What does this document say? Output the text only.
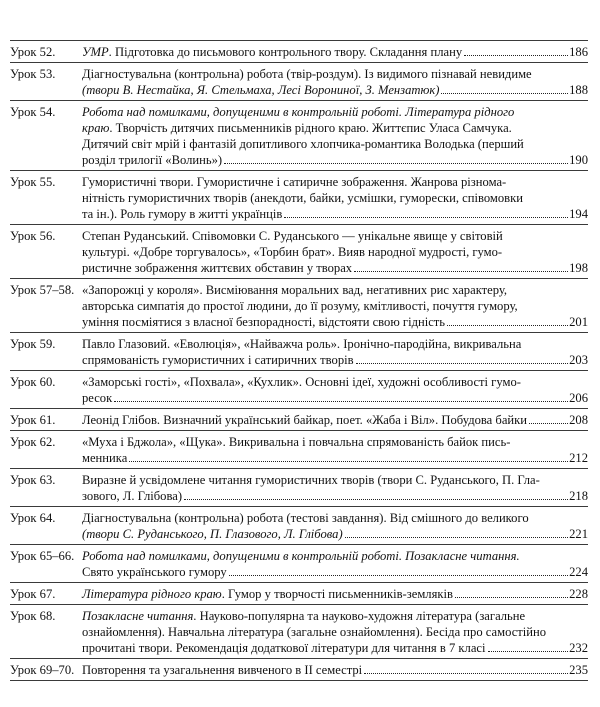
Урок 52.	УМР . Підготовка до письмового контрольного твору. Складання плану	186
Урок 53.	Діагностувальна (контрольна) робота (твір-роздум). Із видимого пізнавай невидиме
(твори В. Нестайка, Я. Стельмаха, Лесі Ворониної, З. Мензатюк)	188
Урок 54.	Робота над помилками, допущеними в контрольній роботі. Література рідного
краю . Творчість дитячих письменників рідного краю. Життєпис Уласа Самчука.
Дитячий світ мрій і фантазій допитливого хлопчика-романтика Володька (перший
розділ трилогії «Волинь»)	190
Урок 55.	Гумористичні твори. Гумористичне і сатиричне зображення. Жанрова різнома-
нітність гумористичних творів (анекдоти, байки, усмішки, гуморески, співомовки
та ін.). Роль гумору в житті українців	194
Урок 56.	Степан Руданський. Співомовки С. Руданського — унікальне явище у світовій
культурі. «Добре торгувалось», «Торбин брат». Вияв народної мудрості, гумо-
ристичне зображення життєвих обставин у творах	198
Урок 57–58. «Запорожці у короля». Висміювання моральних вад, негативних рис характеру,
авторська симпатія до простої людини, до її розуму, кмітливості, почуття гумору,
уміння посміятися з власної безпорадності, відстояти свою гідність	201
Урок 59.	Павло Глазовий. «Еволюція», «Найважча роль». Іронічно-пародійна, викривальна
спрямованість гумористичних і сатиричних творів	203
Урок 60.	«Заморські гості», «Похвала», «Кухлик». Основні ідеї, художні особливості гумо-
ресок	206
Урок 61.	Леонід Глібов. Визначний український байкар, поет. «Жаба і Віл». Побудова байки	208
Урок 62.	«Муха і Бджола», «Щука». Викривальна і повчальна спрямованість байок пись-
менника	212
Урок 63.	Виразне й усвідомлене читання гумористичних творів (твори С. Руданського, П. Гла-
зового, Л. Глібова)	218
Урок 64.	Діагностувальна (контрольна) робота (тестові завдання). Від смішного до великого
(твори С. Руданського, П. Глазового, Л. Глібова)	221
Урок 65–66. Робота над помилками, допущеними в контрольній роботі. Позакласне читання.
Свято українського гумору	224
Урок 67.	Література рідного краю . Гумор у творчості письменників-земляків	228
Урок 68.	Позакласне читання . Науково-популярна та науково-художня література (загальне
ознайомлення). Навчальна література (загальне ознайомлення). Бесіда про самостійно
прочитані твори. Рекомендація додаткової літератури для читання в 7 класі	232
Урок 69–70. Повторення та узагальнення вивченого в ІІ семестрі	235
